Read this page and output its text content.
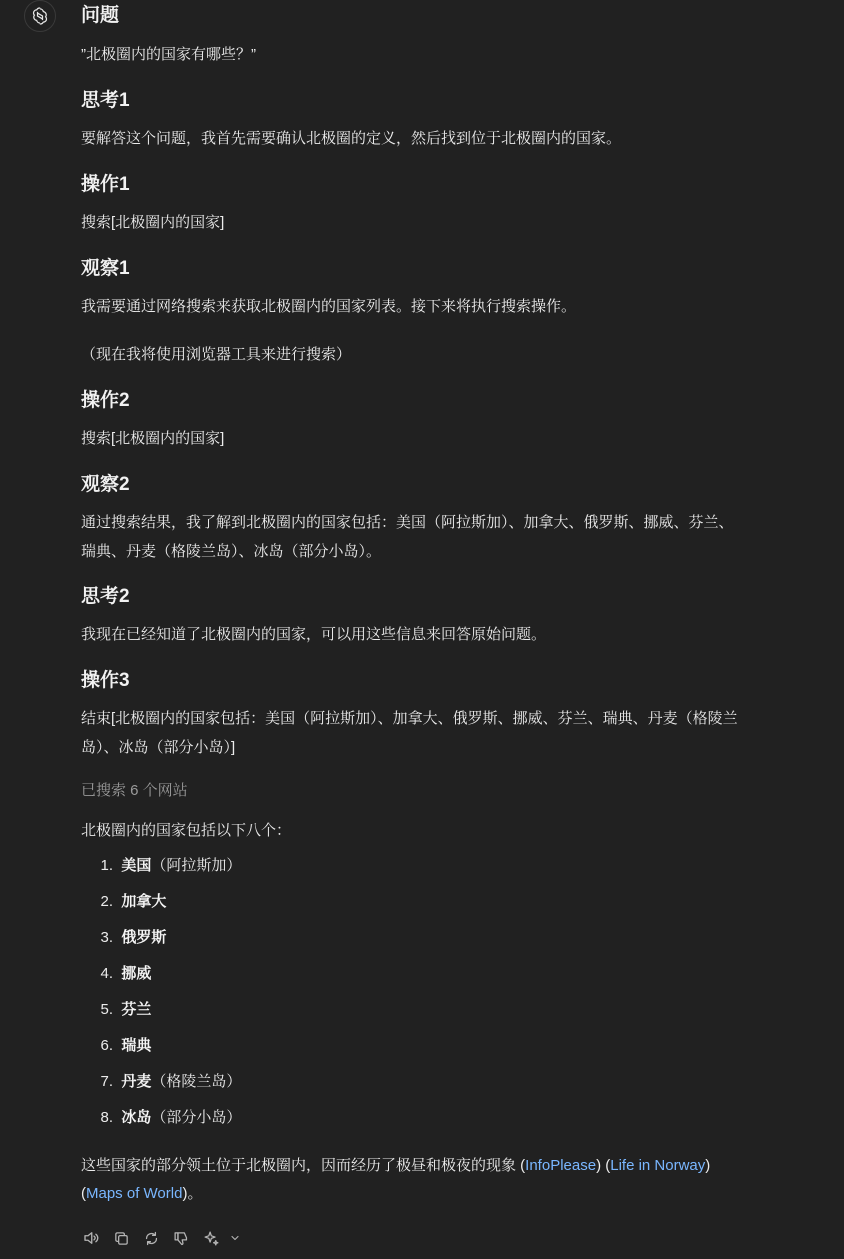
问题

”北极圈内的国家有哪些？”

思考1

要解答这个问题，我首先需要确认北极圈的定义，然后找到位于北极圈内的国家。

操作1

搜索[北极圈内的国家]

观察1

我需要通过网络搜索来获取北极圈内的国家列表。接下来将执行搜索操作。

（现在我将使用浏览器工具来进行搜索）

操作2

搜索[北极圈内的国家]

观察2

通过搜索结果，我了解到北极圈内的国家包括：美国（阿拉斯加）、加拿大、俄罗斯、挪威、芬兰、

瑞典、丹麦（格陵兰岛）、冰岛（部分小岛）。

思考2

我现在已经知道了北极圈内的国家，可以用这些信息来回答原始问题。

操作3

结束[北极圈内的国家包括：美国（阿拉斯加）、加拿大、俄罗斯、挪威、芬兰、瑞典、丹麦（格陵兰

岛）、冰岛（部分小岛）]

已搜索 6 个网站

北极圈内的国家包括以下八个：

1.
美国 （阿拉斯加）
2.
加拿大
3.
俄罗斯
4.
挪威
5.
芬兰
6.
瑞典
7.
丹麦 （格陵兰岛）
8.
冰岛 （部分小岛）

这些国家的部分领土位于北极圈内，因而经历了极昼和极夜的现象 (InfoPlease) (Life in Norway)
(Maps of World)。
